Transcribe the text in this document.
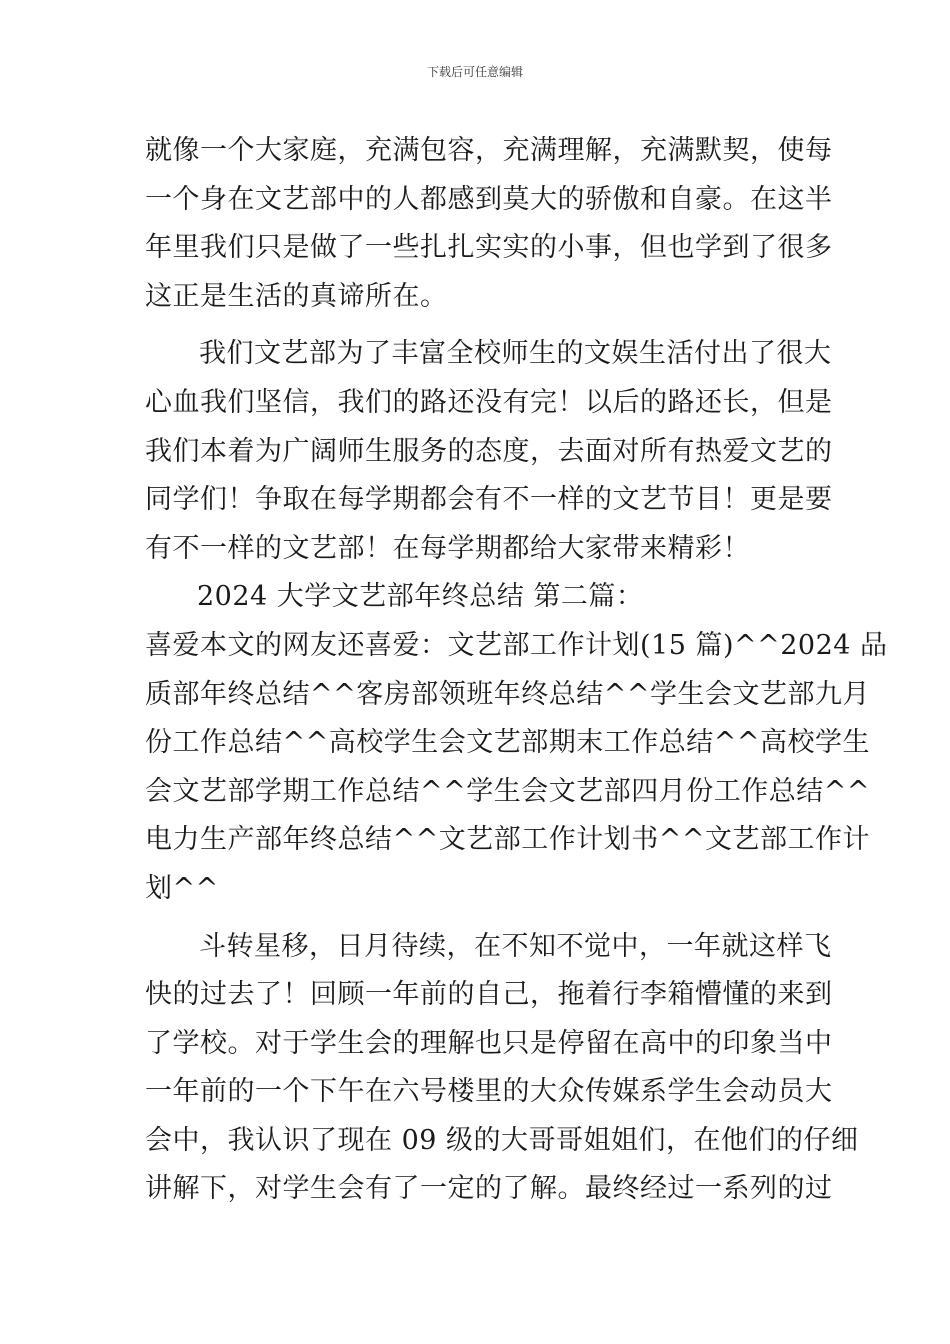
下载后可任意编辑
就像一个大家庭，充满包容，充满理解，充满默契，使每
一个身在文艺部中的人都感到莫大的骄傲和自豪。在这半
年里我们只是做了一些扎扎实实的小事，但也学到了很多
这正是生活的真谛所在。
我们文艺部为了丰富全校师生的文娱生活付出了很大
心血我们坚信，我们的路还没有完！以后的路还长，但是
我们本着为广阔师生服务的态度，去面对所有热爱文艺的
同学们！争取在每学期都会有不一样的文艺节目！更是要
有不一样的文艺部！在每学期都给大家带来精彩！
2024 大学文艺部年终总结 第二篇：
喜爱本文的网友还喜爱：文艺部工作计划(15 篇)^^2024 品
质部年终总结^^客房部领班年终总结^^学生会文艺部九月
份工作总结^^高校学生会文艺部期末工作总结^^高校学生
会文艺部学期工作总结^^学生会文艺部四月份工作总结^^
电力生产部年终总结^^文艺部工作计划书^^文艺部工作计
划^^
斗转星移，日月待续，在不知不觉中，一年就这样飞
快的过去了！回顾一年前的自己，拖着行李箱懵懂的来到
了学校。对于学生会的理解也只是停留在高中的印象当中
一年前的一个下午在六号楼里的大众传媒系学生会动员大
会中，我认识了现在 09 级的大哥哥姐姐们，在他们的仔细
讲解下，对学生会有了一定的了解。最终经过一系列的过
